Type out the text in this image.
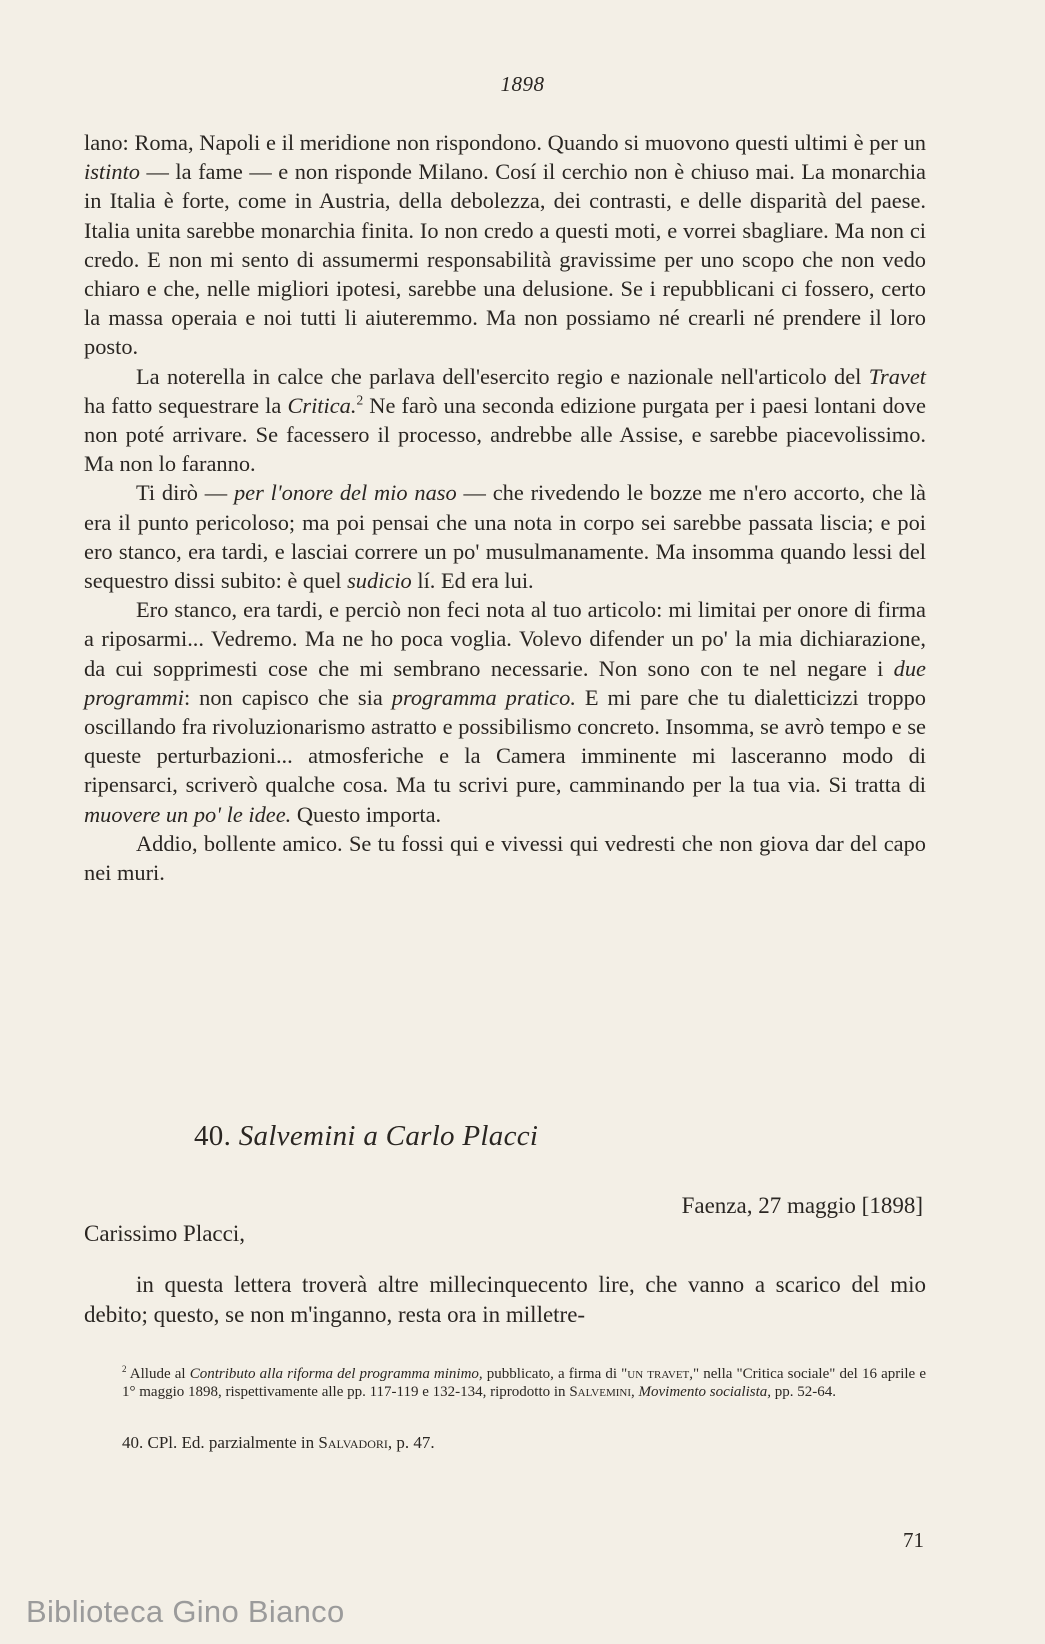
1898

lano: Roma, Napoli e il meridione non rispondono. Quando si muovono questi ultimi è per un istinto — la fame — e non risponde Milano. Cosí il cerchio non è chiuso mai. La monarchia in Italia è forte, come in Austria, della debolezza, dei contrasti, e delle disparità del paese. Italia unita sarebbe monarchia finita. Io non credo a questi moti, e vorrei sbagliare. Ma non ci credo. E non mi sento di assumermi responsabilità gravissime per uno scopo che non vedo chiaro e che, nelle migliori ipotesi, sarebbe una delusione. Se i repubblicani ci fossero, certo la massa operaia e noi tutti li aiuteremmo. Ma non possiamo né crearli né prendere il loro posto.

La noterella in calce che parlava dell'esercito regio e nazionale nell'articolo del Travet ha fatto sequestrare la Critica.$^2$ Ne farò una seconda edizione purgata per i paesi lontani dove non poté arrivare. Se facessero il processo, andrebbe alle Assise, e sarebbe piacevolissimo. Ma non lo faranno.

Ti dirò — per l'onore del mio naso — che rivedendo le bozze me n'ero accorto, che là era il punto pericoloso; ma poi pensai che una nota in corpo sei sarebbe passata liscia; e poi ero stanco, era tardi, e lasciai correre un po' musulmanamente. Ma insomma quando lessi del sequestro dissi subito: è quel sudicio lí. Ed era lui.

Ero stanco, era tardi, e perciò non feci nota al tuo articolo: mi limitai per onore di firma a riposarmi... Vedremo. Ma ne ho poca voglia. Volevo difender un po' la mia dichiarazione, da cui sopprimesti cose che mi sembrano necessarie. Non sono con te nel negare i due programmi: non capisco che sia programma pratico. E mi pare che tu dialetticizzi troppo oscillando fra rivoluzionarismo astratto e possibilismo concreto. Insomma, se avrò tempo e se queste perturbazioni... atmosferiche e la Camera imminente mi lasceranno modo di ripensarci, scriverò qualche cosa. Ma tu scrivi pure, camminando per la tua via. Si tratta di muovere un po' le idee. Questo importa.

Addio, bollente amico. Se tu fossi qui e vivessi qui vedresti che non giova dar del capo nei muri.

40. Salvemini a Carlo Placci
Faenza, 27 maggio [1898]
Carissimo Placci,
in questa lettera troverà altre millecinquecento lire, che vanno a scarico del mio debito; questo, se non m'inganno, resta ora in milletre-
$^2$ Allude al Contributo alla riforma del programma minimo, pubblicato, a firma di "un travet," nella "Critica sociale" del 16 aprile e 1° maggio 1898, rispettivamente alle pp. 117-119 e 132-134, riprodotto in Salvemini, Movimento socialista, pp. 52-64.
40. CPl. Ed. parzialmente in Salvadori, p. 47.
71
Biblioteca Gino Bianco
